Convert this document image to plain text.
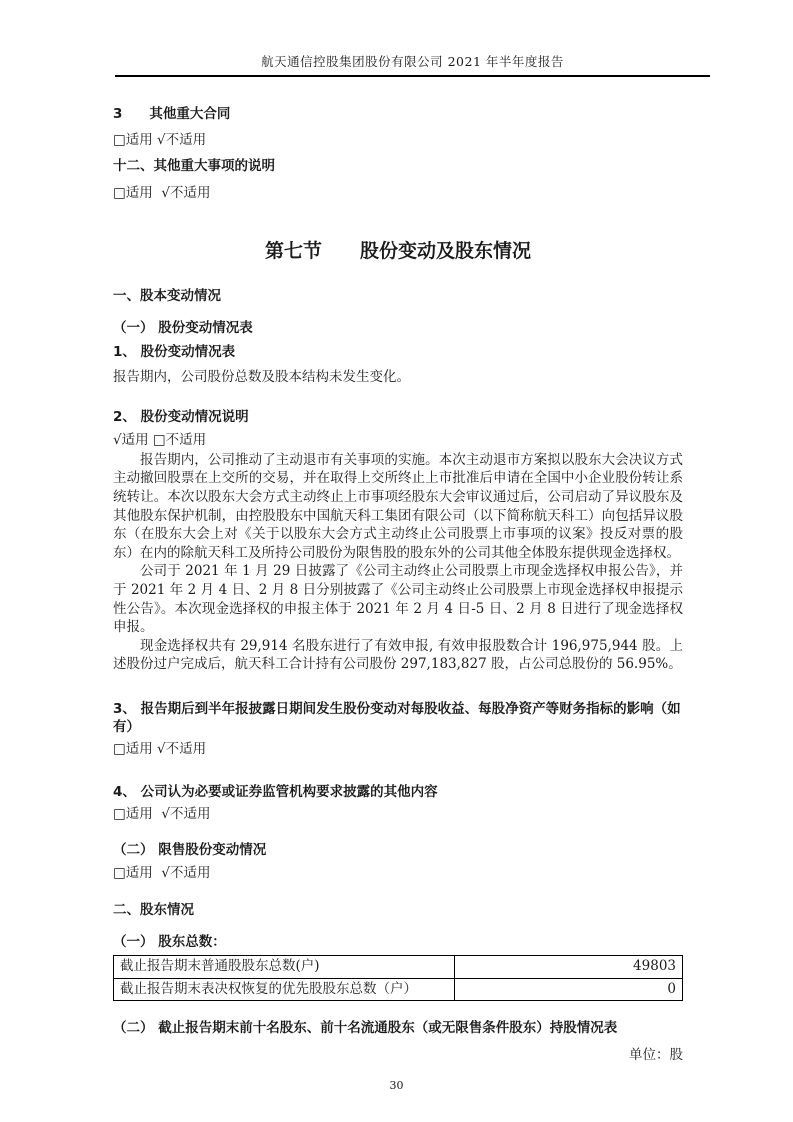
航天通信控股集团股份有限公司 2021 年半年度报告
3　　其他重大合同
□适用 √不适用
十二、其他重大事项的说明
□适用  √不适用
第七节　　股份变动及股东情况
一、股本变动情况
（一） 股份变动情况表
1、 股份变动情况表
报告期内，公司股份总数及股本结构未发生变化。
2、 股份变动情况说明
√适用 □不适用

报告期内，公司推动了主动退市有关事项的实施。本次主动退市方案拟以股东大会决议方式主动撤回股票在上交所的交易，并在取得上交所终止上市批准后申请在全国中小企业股份转让系统转让。本次以股东大会方式主动终止上市事项经股东大会审议通过后，公司启动了异议股东及其他股东保护机制，由控股股东中国航天科工集团有限公司（以下简称航天科工）向包括异议股东（在股东大会上对《关于以股东大会方式主动终止公司股票上市事项的议案》投反对票的股东）在内的除航天科工及所持公司股份为限售股的股东外的公司其他全体股东提供现金选择权。

公司于 2021 年 1 月 29 日披露了《公司主动终止公司股票上市现金选择权申报公告》，并于 2021 年 2 月 4 日、2 月 8 日分别披露了《公司主动终止公司股票上市现金选择权申报提示性公告》。本次现金选择权的申报主体于 2021 年 2 月 4 日-5 日、2 月 8 日进行了现金选择权申报。

现金选择权共有 29,914 名股东进行了有效申报, 有效申报股数合计 196,975,944 股。上述股份过户完成后，航天科工合计持有公司股份 297,183,827 股，占公司总股份的 56.95%。

3、 报告期后到半年报披露日期间发生股份变动对每股收益、每股净资产等财务指标的影响（如有）
□适用 √不适用
4、 公司认为必要或证券监管机构要求披露的其他内容
□适用  √不适用
（二） 限售股份变动情况
□适用  √不适用
二、股东情况
（一） 股东总数：
截止报告期末普通股股东总数(户)	49803
截止报告期末表决权恢复的优先股股东总数（户）	0
（二） 截止报告期末前十名股东、前十名流通股东（或无限售条件股东）持股情况表
单位：股
30
